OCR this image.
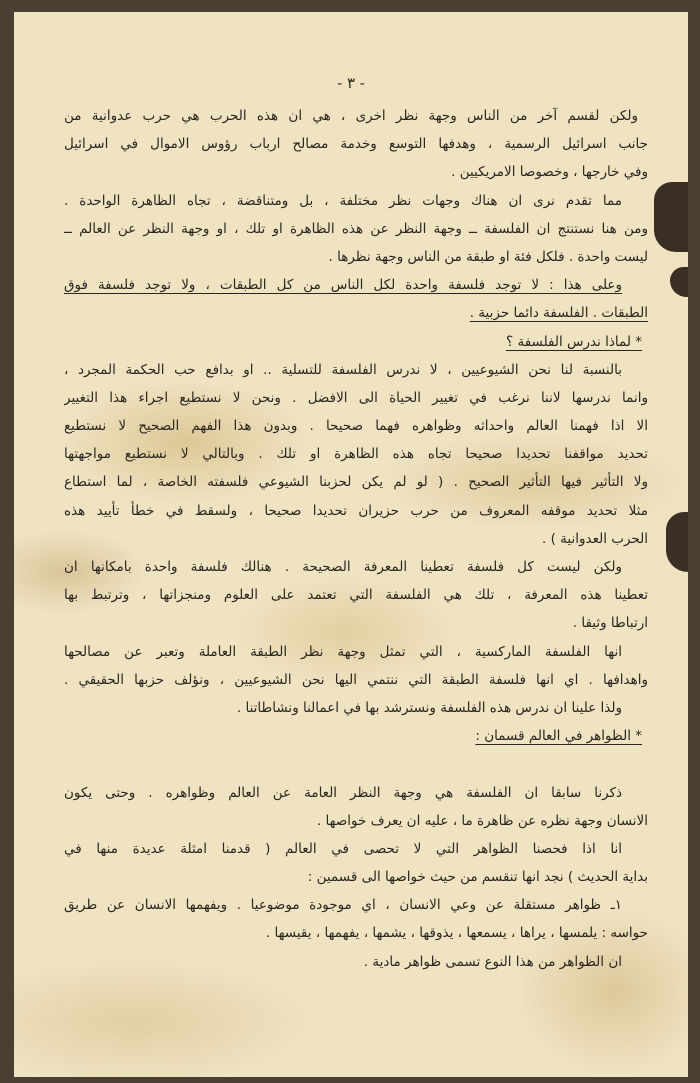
- ٣ -
ولكن لقسم آخر من الناس وجهة نظر اخرى ، هي ان هذه الحرب هي حرب عدوانية من
جانب اسرائيل الرسمية ، وهدفها التوسع وخدمة مصالح ارباب رؤوس الاموال في اسرائيل
وفي خارجها ، وخصوصا الامريكيين .
مما تقدم نرى ان هناك وجهات نظر مختلفة ، بل ومتناقضة ، تجاه الظاهرة الواحدة .
ومن هنا نستنتج ان الفلسفة ــ وجهة النظر عن هذه الظاهرة او تلك ، او وجهة النظر عن العالم ــ
ليست واحدة . فلكل فئة او طبقة من الناس وجهة نظرها .
وعلى هذا : لا توجد فلسفة واحدة لكل الناس من كل الطبقات ، ولا توجد فلسفة فوق
الطبقات . الفلسفة دائما حزبية .
* لماذا ندرس الفلسفة ؟
بالنسبة لنا نحن الشيوعيين ، لا ندرس الفلسفة للتسلية .. او بدافع حب الحكمة المجرد ،
وانما ندرسها لاننا نرغب في تغيير الحياة الى الافضل . ونحن لا نستطيع اجراء هذا التغيير
الا اذا فهمنا العالم واحداثه وظواهره فهما صحيحا . وبدون هذا الفهم الصحيح لا نستطيع
تحديد مواقفنا تحديدا صحيحا تجاه هذه الظاهرة او تلك . وبالتالي لا نستطيع مواجهتها
ولا التأثير فيها التأثير الصحيح . ( لو لم يكن لحزبنا الشيوعي فلسفته الخاصة ، لما استطاع
مثلا تحديد موقفه المعروف من حرب حزيران تحديدا صحيحا ، ولسقط في خطأ تأييد هذه
الحرب العدوانية ) .
ولكن ليست كل فلسفة تعطينا المعرفة الصحيحة . هنالك فلسفة واحدة بامكانها ان
تعطينا هذه المعرفة ، تلك هي الفلسفة التي تعتمد على العلوم ومنجزاتها ، وترتبط بها
ارتباطا وثيقا .
انها الفلسفة الماركسية ، التي تمثل وجهة نظر الطبقة العاملة وتعبر عن مصالحها
واهدافها . اي انها فلسفة الطبقة التي ننتمي اليها نحن الشيوعيين ، ونؤلف حزبها الحقيقي .
ولذا علينا ان ندرس هذه الفلسفة ونسترشد بها في اعمالنا ونشاطاتنا .
* الظواهر في العالم قسمان :
ذكرنا سابقا ان الفلسفة هي وجهة النظر العامة عن العالم وظواهره . وحتى يكون
الانسان وجهة نظره عن ظاهرة ما ، عليه ان يعرف خواصها .
انا اذا فحصنا الظواهر التي لا تحصى في العالم ( قدمنا امثلة عديدة منها في
بداية الحديث ) نجد انها تنقسم من حيث خواصها الى قسمين :
١ـ ظواهر مستقلة عن وعي الانسان ، اي موجودة موضوعيا . ويفهمها الانسان عن طريق
حواسه : يلمسها ، يراها ، يسمعها ، يذوقها ، يشمها ، يفهمها ، يقيسها .
ان الظواهر من هذا النوع تسمى ظواهر مادية .
